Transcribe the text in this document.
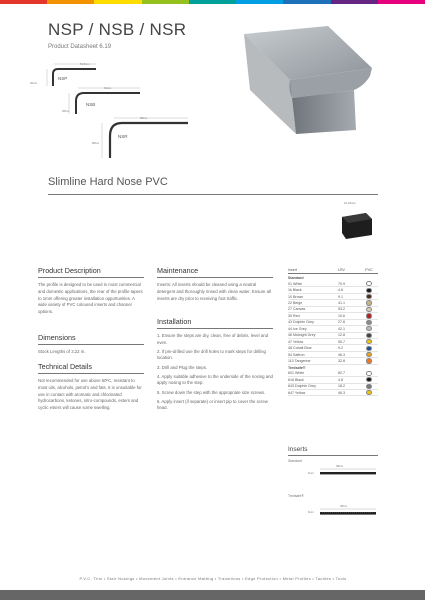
NSP / NSB / NSR
Product Datasheet 6.19
51.5mm
30mm
NSP
64mm
38mm
NSB
68mm
58mm
NSR
Slimline Hard Nose PVC
10.18mm
Product Description
The profile is designed to be used in most commercial and domestic applications, the rear of the profile tapers to 1mm offering greater installation opportunities. A wide variety of PVC coloured inserts and channel options.
Dimensions
Stock Lengths of 3.22 m.
Technical Details
Not recommended for use above 60ºC, resistant to most oils, alcohols, petrol's and fats. It is unsuitable for use in contact with aromatic and chlorinated hydrocarbons, ketones, nitro-compounds, esters and cyclic esters will cause some swelling.
Maintenance
Inserts: All inserts should be cleaned using a neutral detergent and thoroughly rinsed with clean water. Ensure all inserts are dry prior to receiving foot traffic.
Installation
1. Ensure the steps are dry, clean, free of debris, level and even.
2. If pre-drilled use the drill holes to mark steps for drilling location.
3. Drill and Plug the steps.
4. Apply suitable adhesive to the underside of the nosing and apply nosing to the step.
5. Screw down the step with the appropriate size screws.
6. Apply insert (if separate) or insert pip to cover the screw head.
Insert	LRV	PVC
Standard
01 White	79.9
1k Black	4.6
10 Brown	9.1
22 Beige	41.1
27 Canvas	53.2
30 Red	10.6
43 Dolphin Grey	27.6
44 Ice Grey	42.1
46 Midnight Grey	12.8
47 Yellow	55.7
48 Cobalt Blue	9.2
54 Saffron	46.3
110 Tangerine	32.8
Tredsafe®
601 White	82.7
616 Black	4.8
643 Dolphin Grey	18.2
647 Yellow	46.3
Inserts
Standard
38mm
6mm
Tredsafe®
38mm
6mm
P.V.C. Trim • Stair Nosings • Movement Joints • Entrance Matting • Transitions • Edge Protection • Metal Profiles • Tactiles • Tools
